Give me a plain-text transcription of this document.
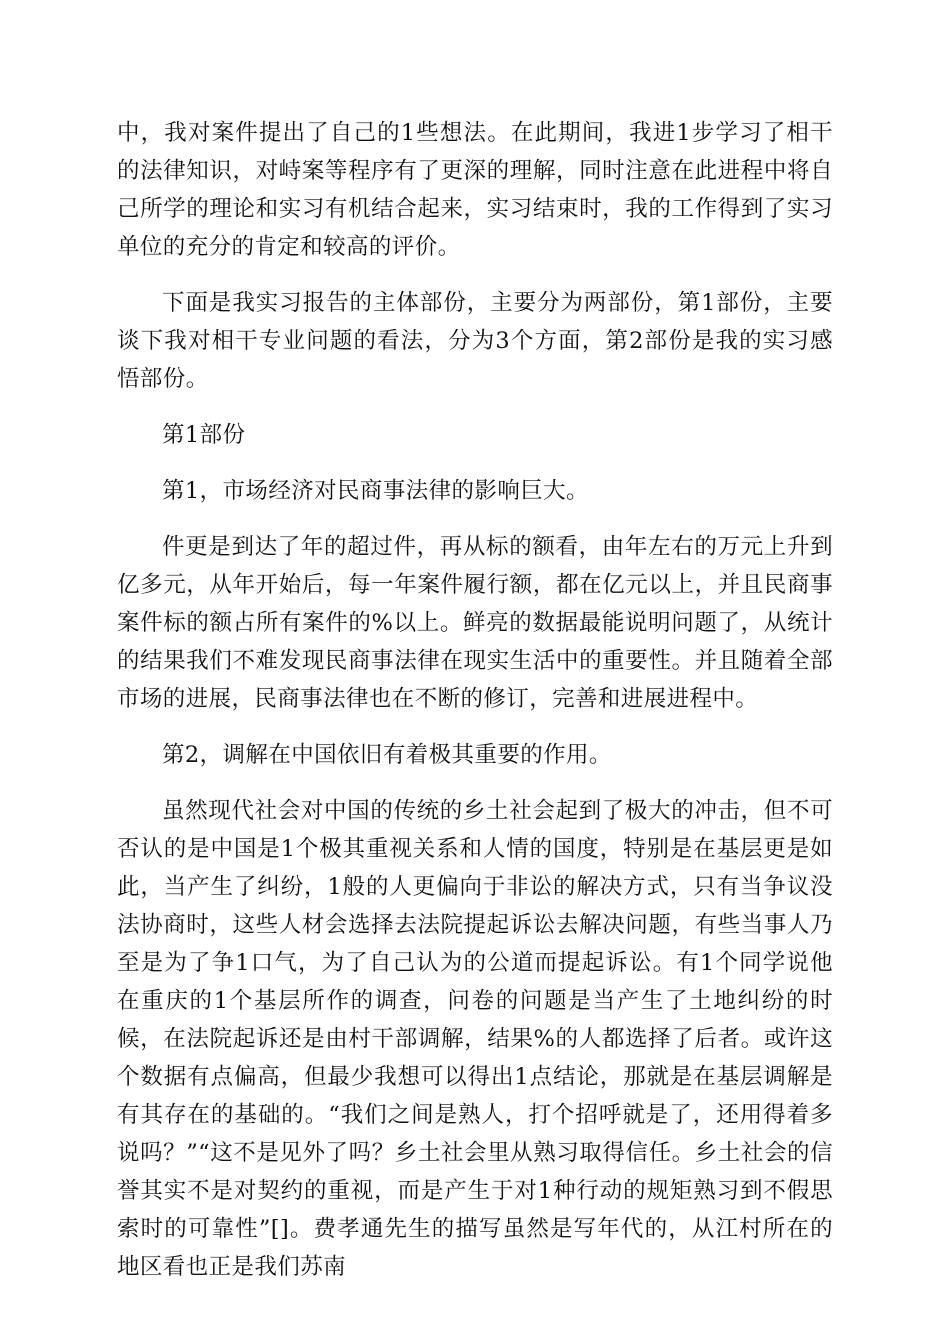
中，我对案件提出了自己的1些想法。在此期间，我进1步学习了相干的法律知识，对峙案等程序有了更深的理解，同时注意在此进程中将自己所学的理论和实习有机结合起来，实习结束时，我的工作得到了实习单位的充分的肯定和较高的评价。

下面是我实习报告的主体部份，主要分为两部份，第1部份，主要谈下我对相干专业问题的看法，分为3个方面，第2部份是我的实习感悟部份。

第1部份

第1，市场经济对民商事法律的影响巨大。

件更是到达了年的超过件，再从标的额看，由年左右的万元上升到亿多元，从年开始后，每一年案件履行额，都在亿元以上，并且民商事案件标的额占所有案件的%以上。鲜亮的数据最能说明问题了，从统计的结果我们不难发现民商事法律在现实生活中的重要性。并且随着全部市场的进展，民商事法律也在不断的修订，完善和进展进程中。

第2，调解在中国依旧有着极其重要的作用。

虽然现代社会对中国的传统的乡土社会起到了极大的冲击，但不可否认的是中国是1个极其重视关系和人情的国度，特别是在基层更是如此，当产生了纠纷，1般的人更偏向于非讼的解决方式，只有当争议没法协商时，这些人材会选择去法院提起诉讼去解决问题，有些当事人乃至是为了争1口气，为了自己认为的公道而提起诉讼。有1个同学说他在重庆的1个基层所作的调查，问卷的问题是当产生了土地纠纷的时候，在法院起诉还是由村干部调解，结果%的人都选择了后者。或许这个数据有点偏高，但最少我想可以得出1点结论，那就是在基层调解是有其存在的基础的。“我们之间是熟人，打个招呼就是了，还用得着多说吗？”“这不是见外了吗？乡土社会里从熟习取得信任。乡土社会的信誉其实不是对契约的重视，而是产生于对1种行动的规矩熟习到不假思索时的可靠性”[]。费孝通先生的描写虽然是写年代的，从江村所在的地区看也正是我们苏南
